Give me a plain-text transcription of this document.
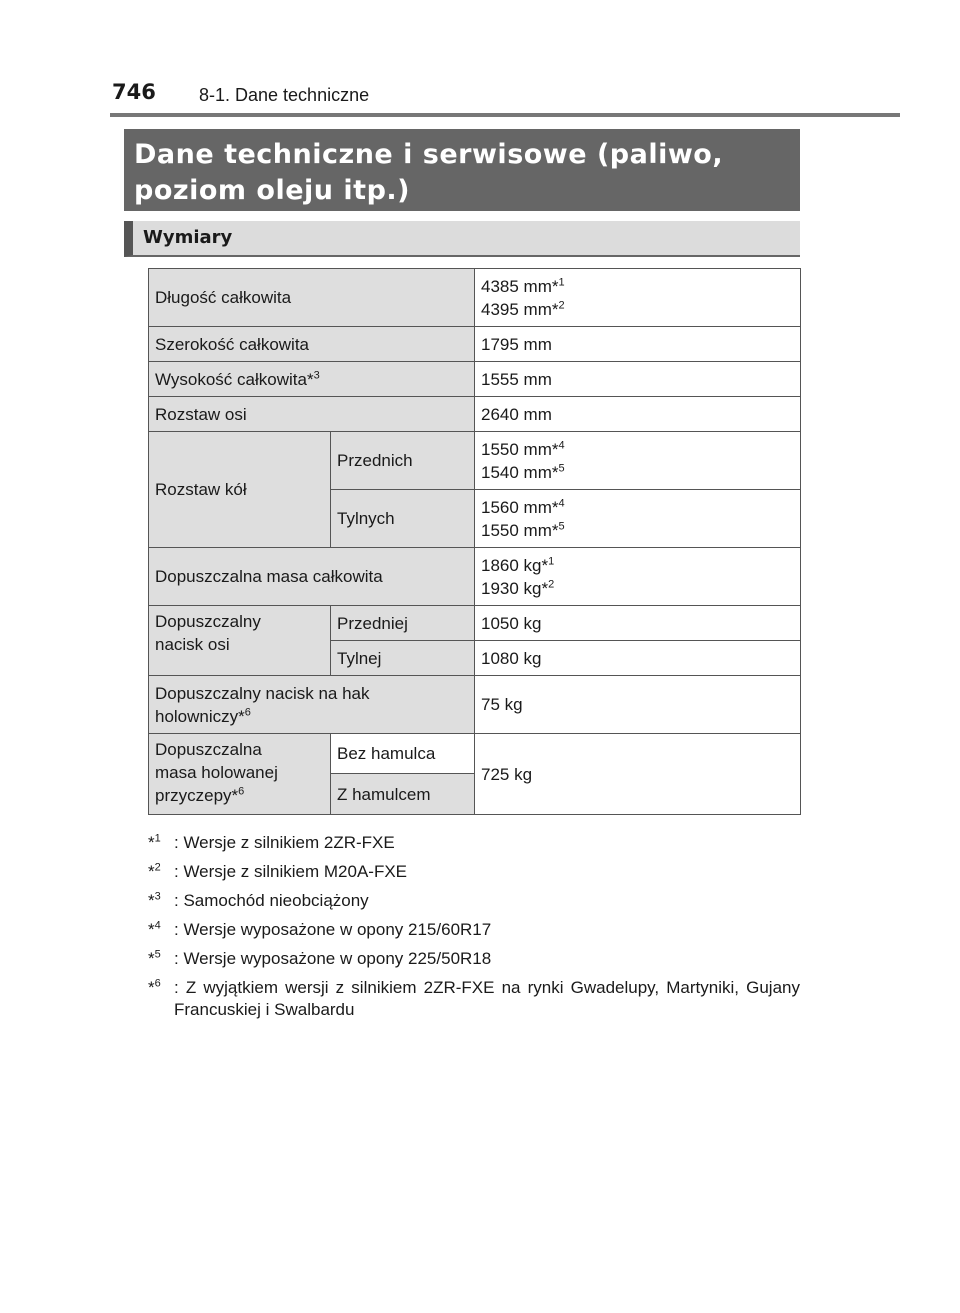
746 8-1. Dane techniczne

Dane techniczne i serwisowe (paliwo, poziom oleju itp.)

Wymiary
Długość całkowita		4385 mm*$^1$
4395 mm*$^2$
Szerokość całkowita		1795 mm
Wysokość całkowita*$^3$		1555 mm
Rozstaw osi		2640 mm
Rozstaw kół	Przednich	1550 mm*$^4$
1540 mm*$^5$
	Tylnych	1560 mm*$^4$
1550 mm*$^5$
Dopuszczalna masa całkowita		1860 kg*$^1$
1930 kg*$^2$
Dopuszczalny
nacisk osi	Przedniej	1050 kg
	Tylnej	1080 kg
Dopuszczalny nacisk na hak
holowniczy*$^6$		75 kg
Dopuszczalna
masa holowanej
przyczepy*$^6$	Bez hamulca	725 kg
	Z hamulcem	
*$^1$ : Wersje z silnikiem 2ZR-FXE
*$^2$ : Wersje z silnikiem M20A-FXE
*$^3$ : Samochód nieobciążony
*$^4$ : Wersje wyposażone w opony 215/60R17
*$^5$ : Wersje wyposażone w opony 225/50R18
*$^6$ : Z wyjątkiem wersji z silnikiem 2ZR-FXE na rynki Gwadelupy, Martyniki, Gujany Francuskiej i Swalbardu
